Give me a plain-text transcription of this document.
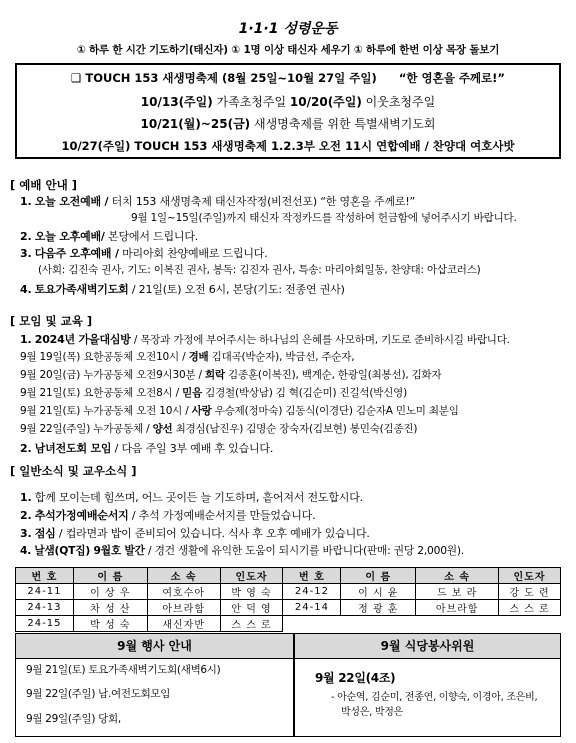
1·1·1 성령운동
① 하루 한 시간 기도하기(태신자) ① 1명 이상 태신자 세우기 ① 하루에 한번 이상 목장 돌보기
❑ TOUCH 153 새생명축제 (8월 25일~10월 27일 주일) “한 영혼을 주께로!”
10/13(주일) 가족초청주일 10/20(주일) 이웃초청주일
10/21(월)~25(금) 새생명축제를 위한 특별새벽기도회
10/27(주일) TOUCH 153 새생명축제 1.2.3부 오전 11시 연합예배 / 찬양대 여호사밧
[ 예배 안내 ]
1. 오늘 오전예배 / 터치 153 새생명축제 태신자작정(비전선포) “한 영혼을 주께로!”
9월 1일~15일(주일)까지 태신자 작정카드를 작성하여 헌금함에 넣어주시기 바랍니다.
2. 오늘 오후예배/ 본당에서 드립니다.
3. 다음주 오후예배 / 마리아회 찬양예배로 드립니다.
(사회: 김진숙 권사, 기도: 이복진 권사, 봉독: 김진자 권사, 특송: 마리아회일동, 찬양대: 아삽코러스)
4. 토요가족새벽기도회 / 21일(토) 오전 6시, 본당(기도: 전종연 권사)
[ 모임 및 교육 ]
1. 2024년 가을대심방 / 목장과 가정에 부어주시는 하나님의 은혜를 사모하며, 기도로 준비하시길 바랍니다.
9월 19일(목) 요한공동체 오전10시 / 경배 김대곡(박순자), 박금선, 주순자,
9월 20일(금) 누가공동체 오전9시30분 / 희락 김종훈(이복진), 백계순, 한광일(최봉선), 김화자
9월 21일(토) 요한공동체 오전8시 / 믿음 김경철(박상남) 김 혁(김순미) 진길석(박신영)
9월 21일(토) 누가공동체 오전 10시 / 사랑 우승제(정마숙) 김동식(이경단) 김순자A 민노미 최분임
9월 22일(주일) 누가공동체 / 양선 최경심(남진우) 김명순 장숙자(김보현) 봉민숙(김종진)
2. 남녀전도회 모임 / 다음 주일 3부 예배 후 있습니다.
[ 일반소식 및 교우소식 ]
1. 합께 모이는데 힘쓰며, 어느 곳이든 늘 기도하며, 흩어져서 전도합시다.
2. 추석가정예배순서지 / 추석 가정예배순서지를 만들었습니다.
3. 점심 / 컵라면과 밥이 준비되어 있습니다. 식사 후 오후 예배가 있습니다.
4. 날샘(QT집) 9월호 발간 / 경건 생활에 유익한 도움이 되시기를 바랍니다(판매: 권당 2,000원).
번 호	이 름	소 속	인도자	번 호	이 름	소 속	인도자
24-11	이 상 우	여호수아	박 영 숙	24-12	이 시 윤	드 보 라	강 도 련
24-13	차 성 산	아브라함	안 덕 영	24-14	정 광 훈	아브라함	스 스 로
24-15	박 성 숙	새신자반	스 스 로				
9월 행사 안내
9월 21일(토) 토요가족새벽기도회(새벽6시)
9월 22일(주일) 남.여전도회모임
9월 29일(주일) 당회,
9월 식당봉사위원
9월 22일(4조)
- 아순역, 김순미, 전종연, 이향숙, 이경아, 조은비,
박성은, 박정은
